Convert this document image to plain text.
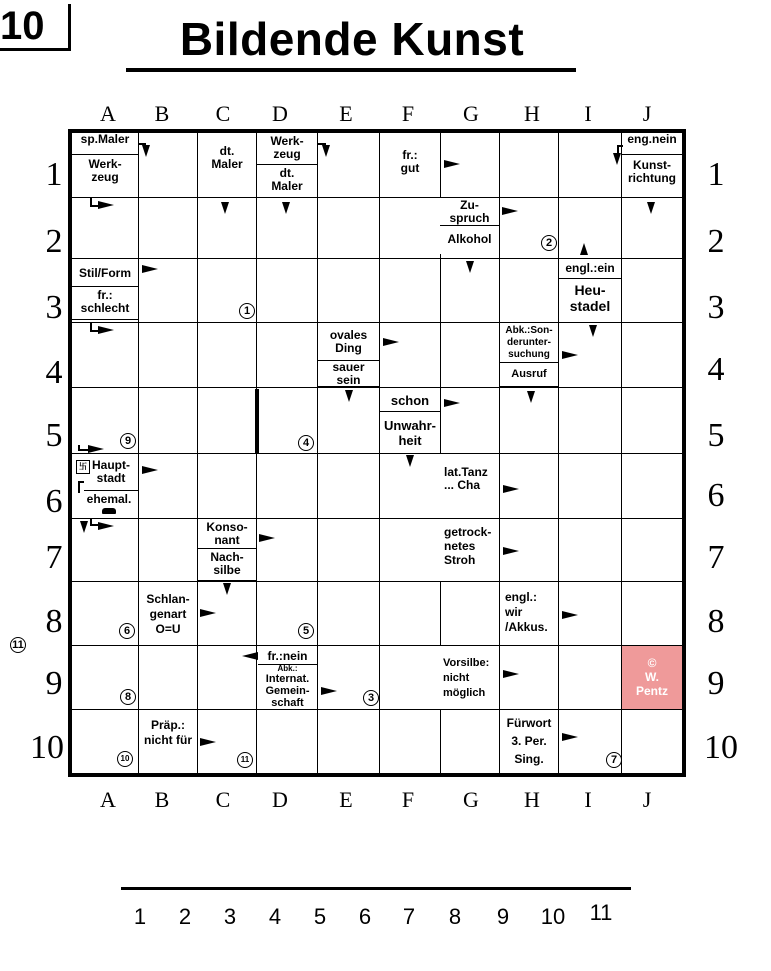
10	Bildende Kunst
A	B	C	D	E	F	G	H	I	J
A	B	C	D	E	F	G	H	I	J
1
2
3
4
5
6
7
8
9
10
1
2
3
4
5
6
7
8
9
10
11
sp.Maler
Werk-
zeug
dt.
Maler
Werk-
zeug
dt.
Maler
fr.:
gut
eng.nein
Kunst-
richtung
Zu-
spruch
Alkohol
Stil/Form
fr.:
schlecht
engl.:ein
Heu-
stadel
ovales
Ding
sauer
sein
Abk.:Son-
derunter-
suchung
Ausruf
schon
Unwahr-
heit
Haupt-
stadt
ehemal.
卐	lat.Tanz
... Cha
Konso-
nant
Nach-
silbe
getrock-
netes
Stroh
Schlan-
genart
O=U
engl.:
wir
/Akkus.
fr.:nein
Abk.:
Internat.
Gemein-
schaft
Vorsilbe:
nicht
möglich
©
W.
Pentz
Präp.:
nicht für
Fürwort
3. Per.
Sing.
1
2
3
4
5
6
7
8
9
10	11
1	2	3	4	5	6	7	8	9	10 11
